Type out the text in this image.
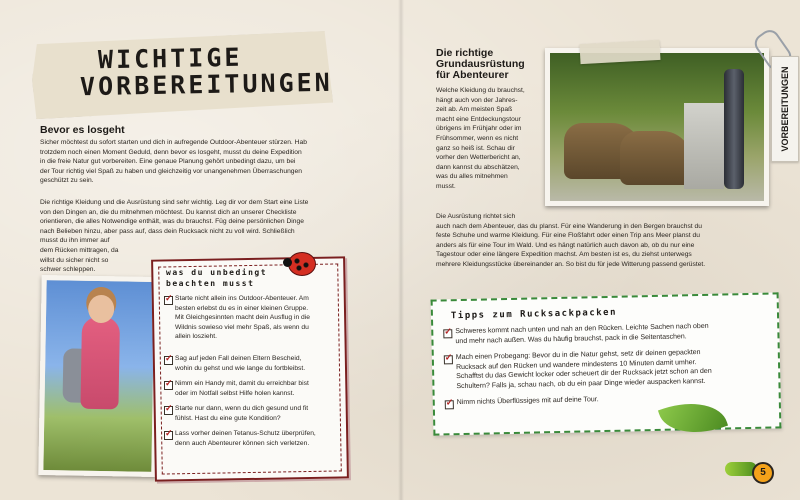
WICHTIGE
VORBEREITUNGEN
Bevor es losgeht
Sicher möchtest du sofort starten und dich in aufregende Outdoor-Abenteuer stürzen. Hab
trotzdem noch einen Moment Geduld, denn bevor es losgeht, musst du deine Expedition
in die freie Natur gut vorbereiten. Eine genaue Planung gehört unbedingt dazu, um bei
der Tour richtig viel Spaß zu haben und gleichzeitig vor unangenehmen Überraschungen
geschützt zu sein.
Die richtige Kleidung und die Ausrüstung sind sehr wichtig. Leg dir vor dem Start eine Liste
von den Dingen an, die du mitnehmen möchtest. Du kannst dich an unserer Checkliste
orientieren, die alles Notwendige enthält, was du brauchst. Füg deine persönlichen Dinge
nach Belieben hinzu, aber pass auf, dass dein Rucksack nicht zu voll wird. Schließlich
musst du ihn immer auf
dem Rücken mittragen, da
willst du sicher nicht so
schwer schleppen.	was du unbedingt
beachten musst
✓
Starte nicht allein ins Outdoor-Abenteuer. Am
besten erlebst du es in einer kleinen Gruppe.
Mit Gleichgesinnten macht dein Ausflug in die
Wildnis sowieso viel mehr Spaß, als wenn du
allein loszieht.
✓
Sag auf jeden Fall deinen Eltern Bescheid,
wohin du gehst und wie lange du fortbleibst.
✓
Nimm ein Handy mit, damit du erreichbar bist
oder im Notfall selbst Hilfe holen kannst.
✓
Starte nur dann, wenn du dich gesund und fit
fühlst. Hast du eine gute Kondition?
✓
Lass vorher deinen Tetanus-Schutz überprüfen,
denn auch Abenteurer können sich verletzen.
Die richtige
Grundausrüstung
für Abenteurer
Welche Kleidung du brauchst,
hängt auch von der Jahres-
zeit ab. Am meisten Spaß
macht eine Entdeckungstour
übrigens im Frühjahr oder im
Frühsommer, wenn es nicht
ganz so heiß ist. Schau dir
vorher den Wetterbericht an,
dann kannst du abschätzen,
was du alles mitnehmen
musst.
Die Ausrüstung richtet sich
auch nach dem Abenteuer, das du planst. Für eine Wanderung in den Bergen brauchst du
feste Schuhe und warme Kleidung. Für eine Floßfahrt oder einen Trip ans Meer planst du
anders als für eine Tour im Wald. Und es hängt natürlich auch davon ab, ob du nur eine
Tagestour oder eine längere Expedition machst. Am besten ist es, du ziehst unterwegs
mehrere Kleidungsstücke übereinander an. So bist du für jede Witterung passend gerüstet.
VORBEREITUNGEN
Tipps zum Rucksackpacken
✓
Schweres kommt nach unten und nah an den Rücken. Leichte Sachen nach oben
und mehr nach außen. Was du häufig brauchst, pack in die Seitentaschen.
✓
Mach einen Probegang: Bevor du in die Natur gehst, setz dir deinen gepackten
Rucksack auf den Rücken und wandere mindestens 10 Minuten damit umher.
Schafftst du das Gewicht locker oder scheuert dir der Rucksack jetzt schon an den
Schultern? Falls ja, schau nach, ob du ein paar Dinge wieder auspacken kannst.
✓
Nimm nichts Überflüssiges mit auf deine Tour.
5
